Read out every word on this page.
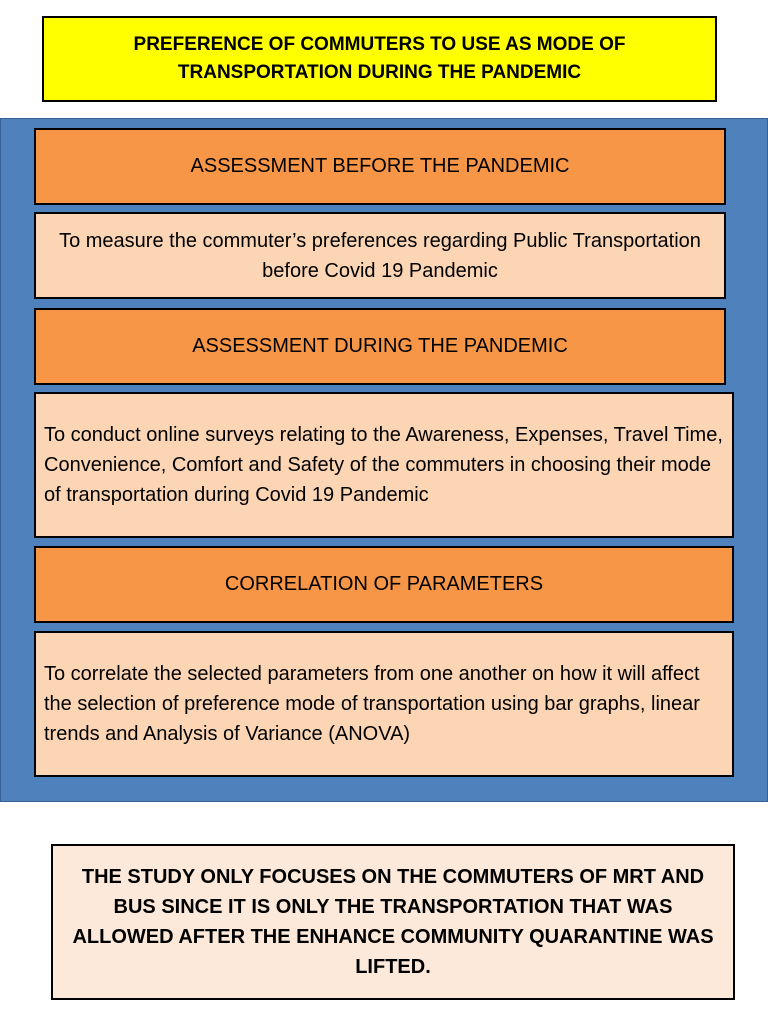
PREFERENCE OF COMMUTERS TO USE AS MODE OF TRANSPORTATION DURING THE PANDEMIC
ASSESSMENT BEFORE THE PANDEMIC
To measure the commuter’s preferences regarding Public Transportation before Covid 19 Pandemic
ASSESSMENT DURING THE PANDEMIC
To conduct online surveys relating to the Awareness, Expenses, Travel Time, Convenience, Comfort and Safety of the commuters in choosing their mode of transportation during Covid 19 Pandemic
CORRELATION OF PARAMETERS
To correlate the selected parameters from one another on how it will affect the selection of preference mode of transportation using bar graphs, linear trends and Analysis of Variance (ANOVA)
THE STUDY ONLY FOCUSES ON THE COMMUTERS OF MRT AND BUS SINCE IT IS ONLY THE TRANSPORTATION THAT WAS ALLOWED AFTER THE ENHANCE COMMUNITY QUARANTINE WAS LIFTED.
